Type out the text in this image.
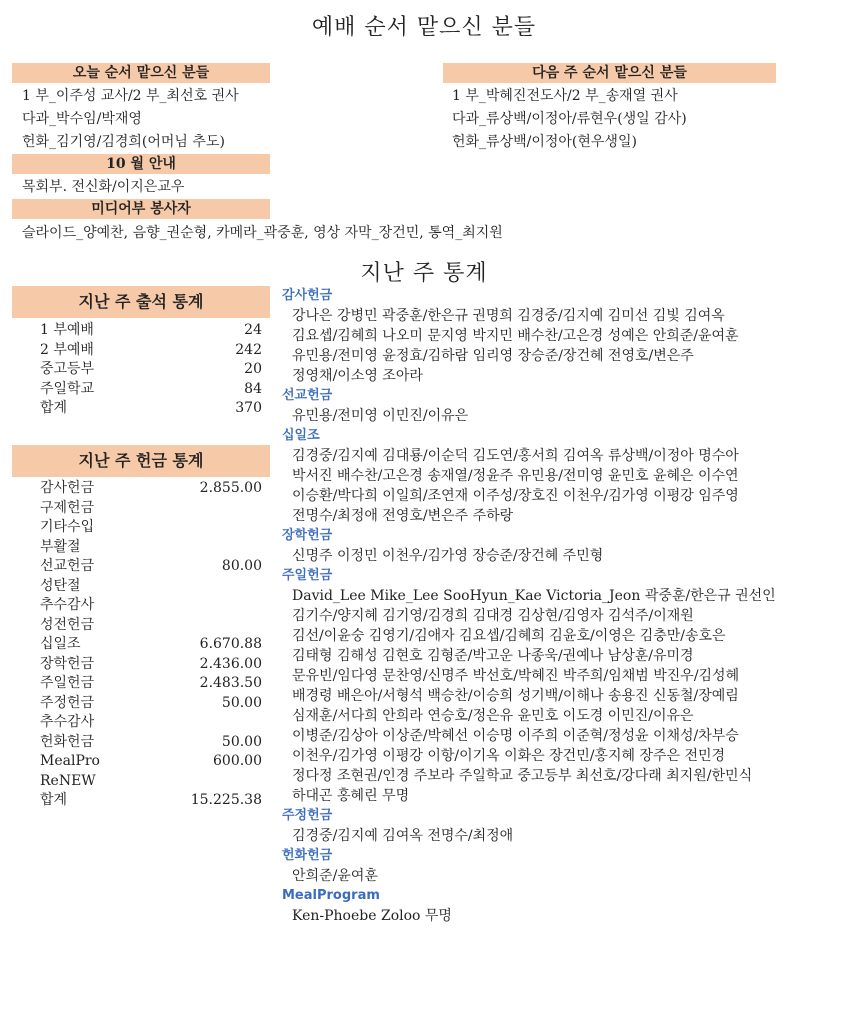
예배 순서 맡으신 분들
오늘 순서 맡으신 분들
1 부_이주성 교사/2 부_최선호 권사
다과_박수임/박재영
헌화_김기영/김경희(어머님 추도)
다음 주 순서 맡으신 분들
1 부_박혜진전도사/2 부_송재열 권사
다과_류상백/이정아/류현우(생일 감사)
헌화_류상백/이정아(현우생일)
10 월 안내
목회부. 전신화/이지은교우
미디어부 봉사자
슬라이드_양예찬, 음향_권순형, 카메라_곽중훈, 영상 자막_장건민, 통역_최지원
지난 주 통계
지난 주 출석 통계
1 부예배	24
2 부예배	242
중고등부	20
주일학교	84
합계	370
지난 주 헌금 통계
감사헌금	2.855.00
구제헌금
기타수입
부활절
선교헌금	80.00
성탄절
추수감사
성전헌금
십일조	6.670.88
장학헌금	2.436.00
주일헌금	2.483.50
주정헌금	50.00
추수감사
헌화헌금	50.00
MealPro	600.00
ReNEW
합계	15.225.38
감사헌금
강나은 강병민 곽중훈/한은규 권명희 김경중/김지예 김미선 김빛 김여옥
김요셉/김혜희 나오미 문지영 박지민 배수찬/고은경 성예은 안희준/윤여훈
유민용/전미영 윤정효/김하람 임리영 장승준/장건혜 전영호/변은주
정영채/이소영 조아라
선교헌금
유민용/전미영 이민진/이유은
십일조
김경중/김지예 김대룡/이순덕 김도연/홍서희 김여옥 류상백/이정아 명수아
박서진 배수찬/고은경 송재열/정윤주 유민용/전미영 윤민호 윤혜은 이수연
이승환/박다희 이일희/조연재 이주성/장호진 이천우/김가영 이평강 임주영
전명수/최정애 전영호/변은주 주하랑
장학헌금
신명주 이정민 이천우/김가영 장승준/장건혜 주민형
주일헌금
David_Lee Mike_Lee SooHyun_Kae Victoria_Jeon 곽중훈/한은규 권선인
김기수/양지혜 김기영/김경희 김대경 김상현/김영자 김석주/이재원
김선/이윤숭 김영기/김애자 김요셉/김혜희 김윤호/이영은 김충만/송호은
김태형 김해성 김현호 김형준/박고운 나종욱/권예나 남상훈/유미경
문유빈/임다영 문찬영/신명주 박선호/박혜진 박주희/임채범 박진우/김성혜
배경령 배은아/서형석 백승찬/이승희 성기백/이해나 송용진 신동철/장예림
심재훈/서다희 안희라 연승호/정은유 윤민호 이도경 이민진/이유은
이병준/김상아 이상준/박혜선 이승명 이주희 이준혁/정성윤 이채성/차부승
이천우/김가영 이평강 이항/이기옥 이화은 장건민/홍지혜 장주은 전민경
정다정 조현권/인경 주보라 주일학교 중고등부 최선호/강다래 최지원/한민식
하대곤 홍혜린 무명
주정헌금
김경중/김지예 김여옥 전명수/최정애
헌화헌금
안희준/윤여훈
MealProgram
Ken-Phoebe Zoloo 무명
